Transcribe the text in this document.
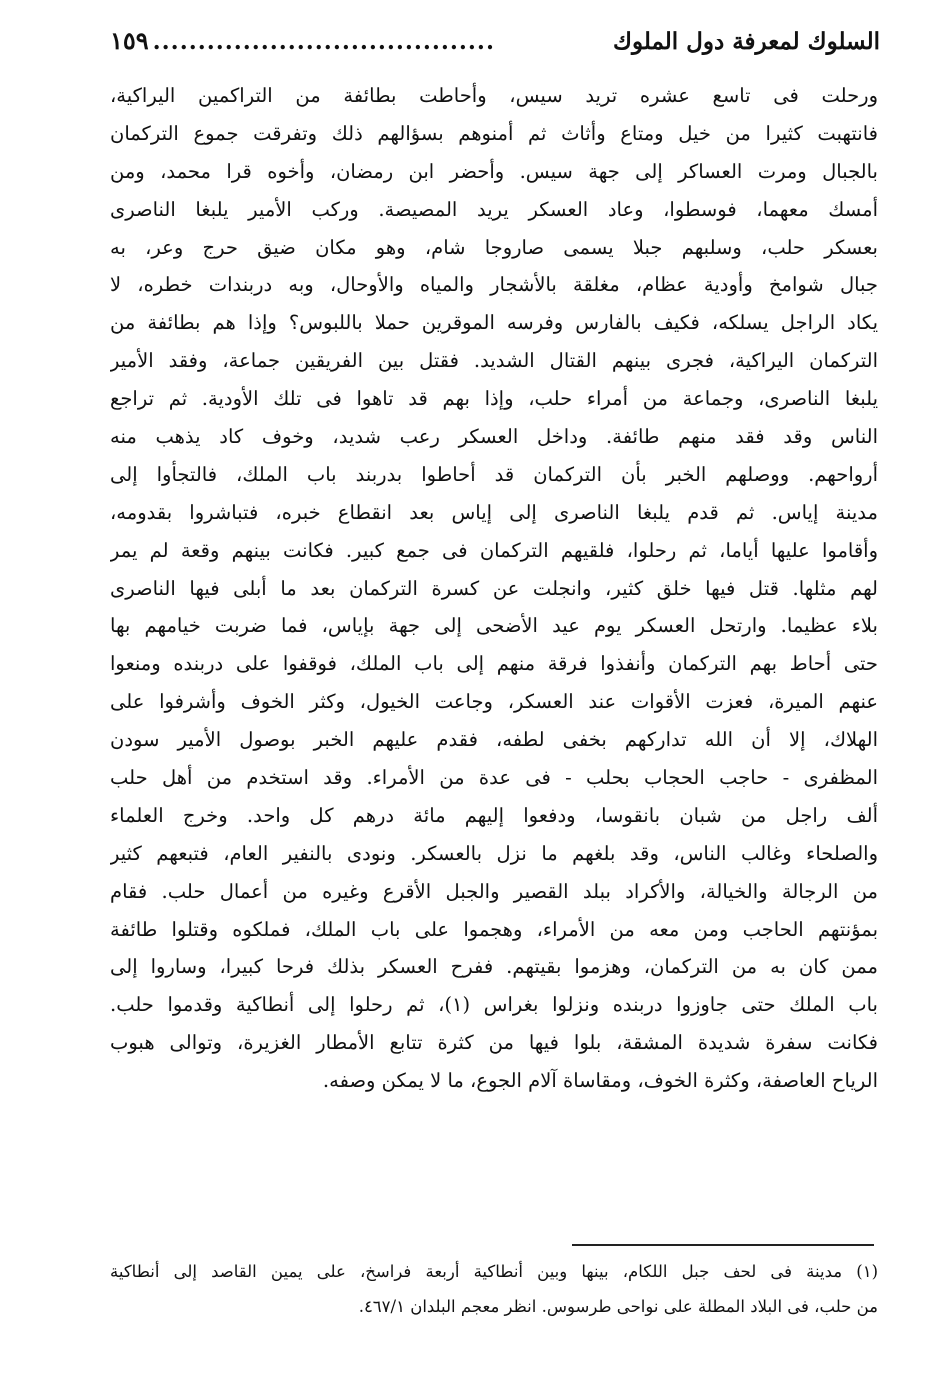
السلوك لمعرفة دول الملوك
......................................
١٥٩
ورحلت فى تاسع عشره تريد سيس، وأحاطت بطائفة من التراكمين اليراكية،
فانتهبت كثيرا من خيل ومتاع وأثاث ثم أمنوهم بسؤالهم ذلك وتفرقت جموع التركمان
بالجبال ومرت العساكر إلى جهة سيس. وأحضر ابن رمضان، وأخوه قرا محمد، ومن
أمسك معهما، فوسطوا، وعاد العسكر يريد المصيصة. وركب الأمير يلبغا الناصرى
بعسكر حلب، وسلبهم جبلا يسمى صاروجا شام، وهو مكان ضيق حرج وعر، به
جبال شوامخ وأودية عظام، مغلقة بالأشجار والمياه والأوحال، وبه دربندات خطره، لا
يكاد الراجل يسلكه، فكيف بالفارس وفرسه الموقرين حملا باللبوس؟ وإذا هم بطائفة من
التركمان اليراكية، فجرى بينهم القتال الشديد. فقتل بين الفريقين جماعة، وفقد الأمير
يلبغا الناصرى، وجماعة من أمراء حلب، وإذا بهم قد تاهوا فى تلك الأودية. ثم تراجع
الناس وقد فقد منهم طائفة. وداخل العسكر رعب شديد، وخوف كاد يذهب منه
أرواحهم. ووصلهم الخبر بأن التركمان قد أحاطوا بدربند باب الملك، فالتجأوا إلى
مدينة إياس. ثم قدم يلبغا الناصرى إلى إياس بعد انقطاع خبره، فتباشروا بقدومه،
وأقاموا عليها أياما، ثم رحلوا، فلقيهم التركمان فى جمع كبير. فكانت بينهم وقعة لم يمر
لهم مثلها. قتل فيها خلق كثير، وانجلت عن كسرة التركمان بعد ما أبلى فيها الناصرى
بلاء عظيما. وارتحل العسكر يوم عيد الأضحى إلى جهة بإياس، فما ضربت خيامهم بها
حتى أحاط بهم التركمان وأنفذوا فرقة منهم إلى باب الملك، فوقفوا على دربنده ومنعوا
عنهم الميرة، فعزت الأقوات عند العسكر، وجاعت الخيول، وكثر الخوف وأشرفوا على
الهلاك، إلا أن الله تداركهم بخفى لطفه، فقدم عليهم الخبر بوصول الأمير سودن
المظفرى - حاجب الحجاب بحلب - فى عدة من الأمراء. وقد استخدم من أهل حلب
ألف راجل من شبان بانقوسا، ودفعوا إليهم مائة درهم كل واحد. وخرج العلماء
والصلحاء وغالب الناس، وقد بلغهم ما نزل بالعسكر. ونودى بالنفير العام، فتبعهم كثير
من الرجالة والخيالة، والأكراد ببلد القصير والجبل الأقرع وغيره من أعمال حلب. فقام
بمؤنتهم الحاجب ومن معه من الأمراء، وهجموا على باب الملك، فملكوه وقتلوا طائفة
ممن كان به من التركمان، وهزموا بقيتهم. ففرح العسكر بذلك فرحا كبيرا، وساروا إلى
باب الملك حتى جاوزوا دربنده ونزلوا بغراس (١)، ثم رحلوا إلى أنطاكية وقدموا حلب.
فكانت سفرة شديدة المشقة، بلوا فيها من كثرة تتابع الأمطار الغزيرة، وتوالى هبوب
الرياح العاصفة، وكثرة الخوف، ومقاساة آلام الجوع، ما لا يمكن وصفه.
(١) مدينة فى لحف جبل اللكام، بينها وبين أنطاكية أربعة فراسخ، على يمين القاصد إلى أنطاكية
من حلب، فى البلاد المطلة على نواحى طرسوس. انظر معجم البلدان ٤٦٧/١.
